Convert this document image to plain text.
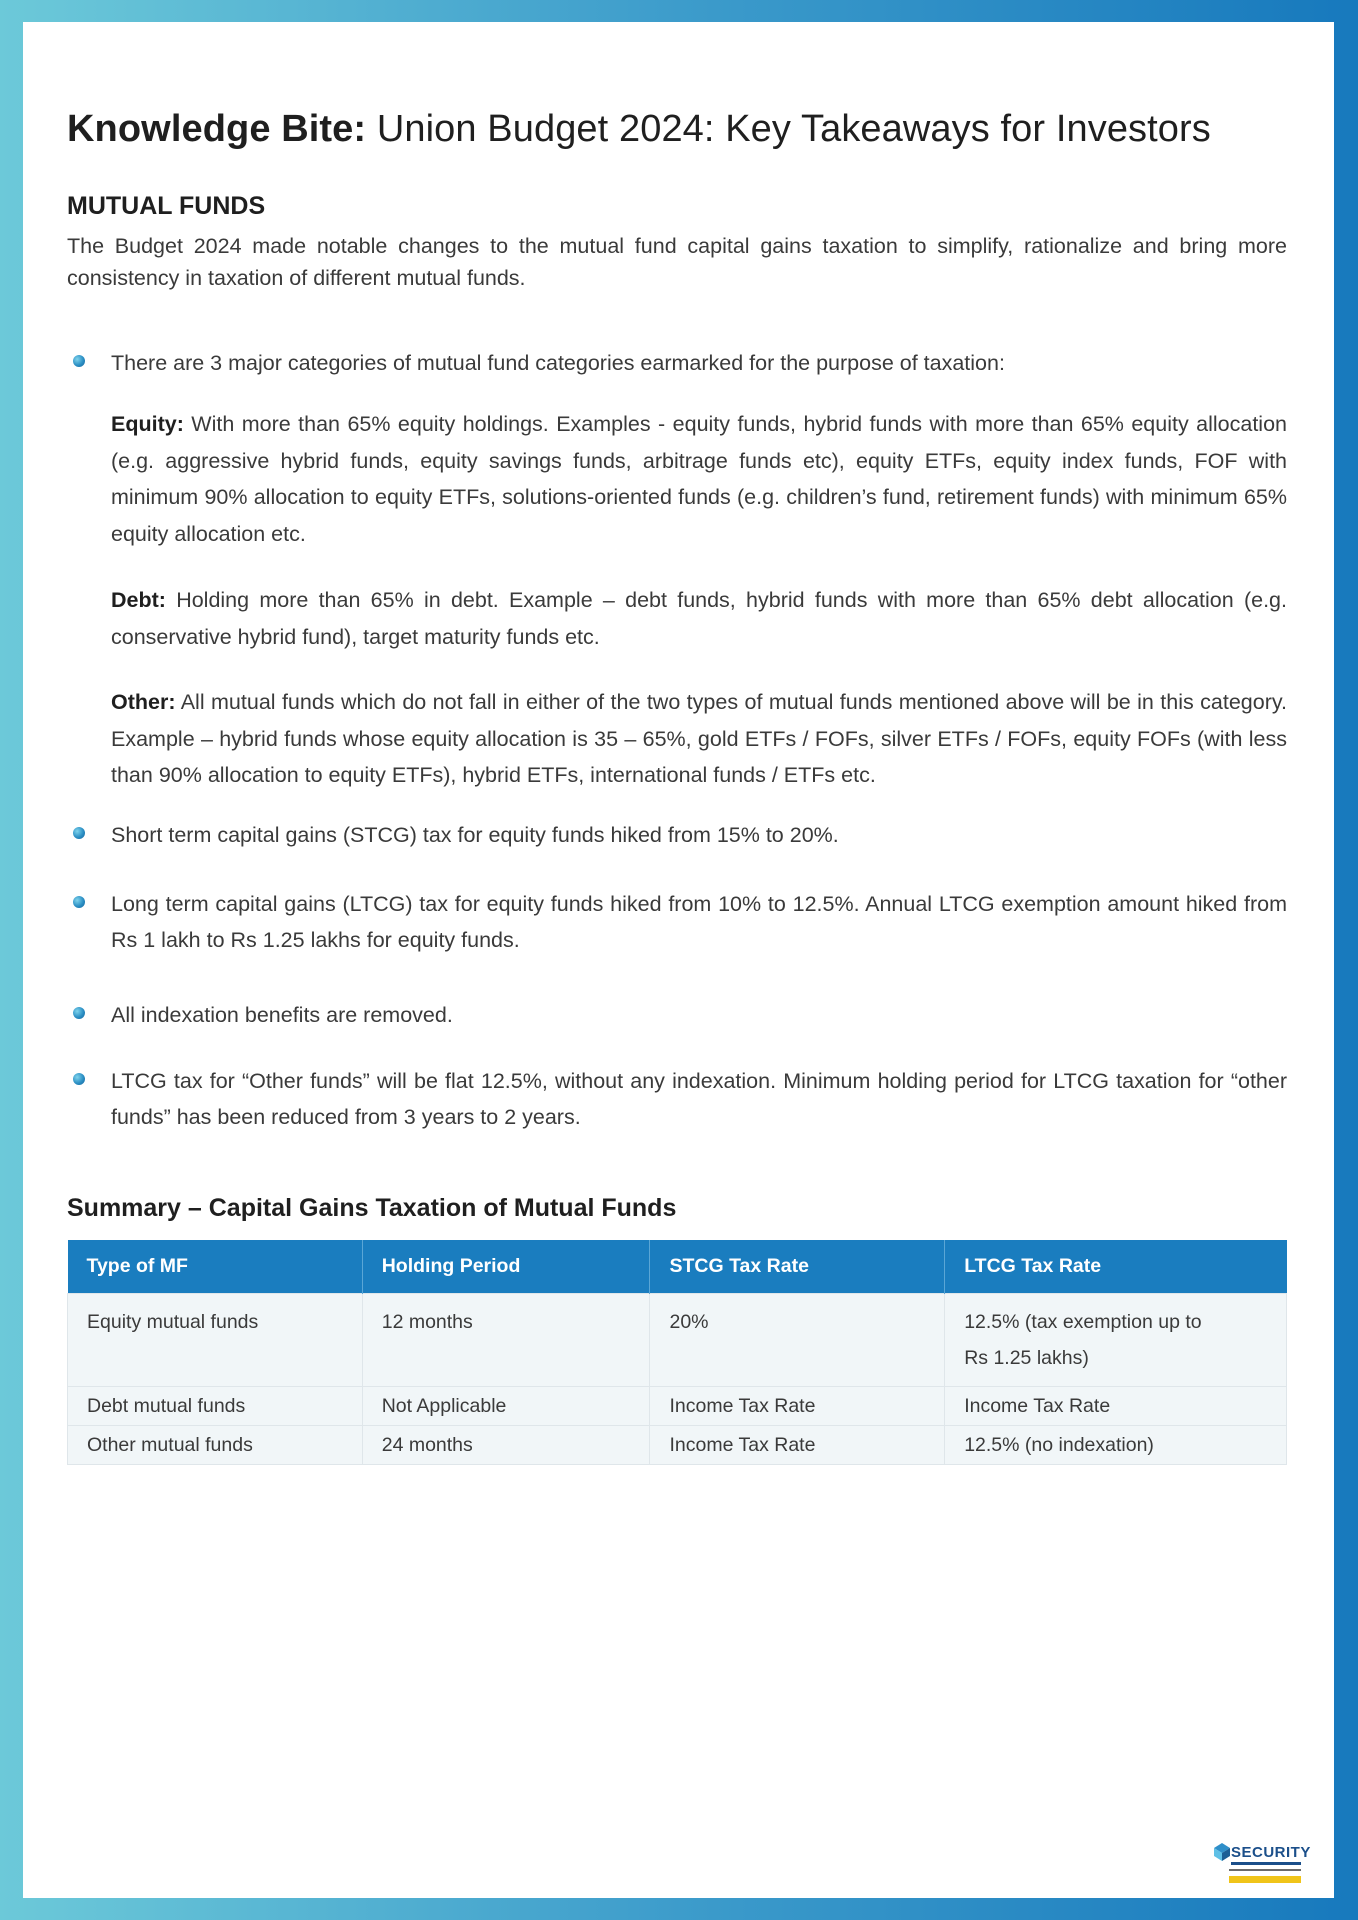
Knowledge Bite: Union Budget 2024: Key Takeaways for Investors
MUTUAL FUNDS

The Budget 2024 made notable changes to the mutual fund capital gains taxation to simplify, rationalize and bring more consistency in taxation of different mutual funds.

There are 3 major categories of mutual fund categories earmarked for the purpose of taxation:

Equity: With more than 65% equity holdings. Examples - equity funds, hybrid funds with more than 65% equity allocation (e.g. aggressive hybrid funds, equity savings funds, arbitrage funds etc), equity ETFs, equity index funds, FOF with minimum 90% allocation to equity ETFs, solutions-oriented funds (e.g. children’s fund, retirement funds) with minimum 65% equity allocation etc.

Debt: Holding more than 65% in debt. Example – debt funds, hybrid funds with more than 65% debt allocation (e.g. conservative hybrid fund), target maturity funds etc.

Other: All mutual funds which do not fall in either of the two types of mutual funds mentioned above will be in this category. Example – hybrid funds whose equity allocation is 35 – 65%, gold ETFs / FOFs, silver ETFs / FOFs, equity FOFs (with less than 90% allocation to equity ETFs), hybrid ETFs, international funds / ETFs etc.

Short term capital gains (STCG) tax for equity funds hiked from 15% to 20%.
Long term capital gains (LTCG) tax for equity funds hiked from 10% to 12.5%. Annual LTCG exemption amount hiked from Rs 1 lakh to Rs 1.25 lakhs for equity funds.
All indexation benefits are removed.
LTCG tax for “Other funds” will be flat 12.5%, without any indexation. Minimum holding period for LTCG taxation for “other funds” has been reduced from 3 years to 2 years.
Summary – Capital Gains Taxation of Mutual Funds
Type of MF	Holding Period	STCG Tax Rate	LTCG Tax Rate
Equity mutual funds	12 months	20%	12.5% (tax exemption up to Rs 1.25 lakhs)
Debt mutual funds	Not Applicable	Income Tax Rate	Income Tax Rate
Other mutual funds	24 months	Income Tax Rate	12.5% (no indexation)
SECURITY
